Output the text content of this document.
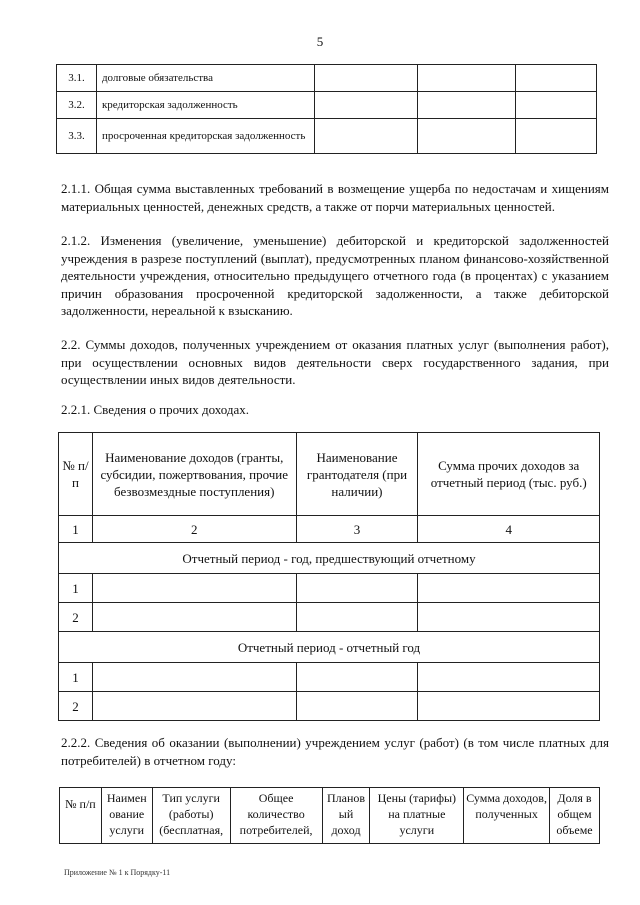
5
3.1.	долговые обязательства			
3.2.	кредиторская задолженность			
3.3.	просроченная кредиторская задолженность			

2.1.1. Общая сумма выставленных требований в возмещение ущерба по недостачам и хищениям материальных ценностей, денежных средств, а также от порчи материальных ценностей.

2.1.2. Изменения (увеличение, уменьшение) дебиторской и кредиторской задолженностей учреждения в разрезе поступлений (выплат), предусмотренных планом финансово-хозяйственной деятельности учреждения, относительно предыдущего отчетного года (в процентах) с указанием причин образования просроченной кредиторской задолженности, а также дебиторской задолженности, нереальной к взысканию.

2.2. Суммы доходов, полученных учреждением от оказания платных услуг (выполнения работ), при осуществлении основных видов деятельности сверх государственного задания, при осуществлении иных видов деятельности.

2.2.1. Сведения о прочих доходах.

№ п/п	Наименование доходов (гранты, субсидии, пожертвования, прочие безвозмездные поступления)	Наименование грантодателя (при наличии)	Сумма прочих доходов за отчетный период (тыс. руб.)
1	2	3	4
Отчетный период - год, предшествующий отчетному			
1			
2			
Отчетный период - отчетный год			
1			
2			

2.2.2. Сведения об оказании (выполнении) учреждением услуг (работ) (в том числе платных для потребителей) в отчетном году:

№ п/п	Наимен ование услуги	Тип услуги (работы) (бесплатная,	Общее количество потребителей,	Планов ый доход	Цены (тарифы) на платные услуги	Сумма доходов, полученных	Доля в общем объеме
Приложение № 1 к Порядку-11
